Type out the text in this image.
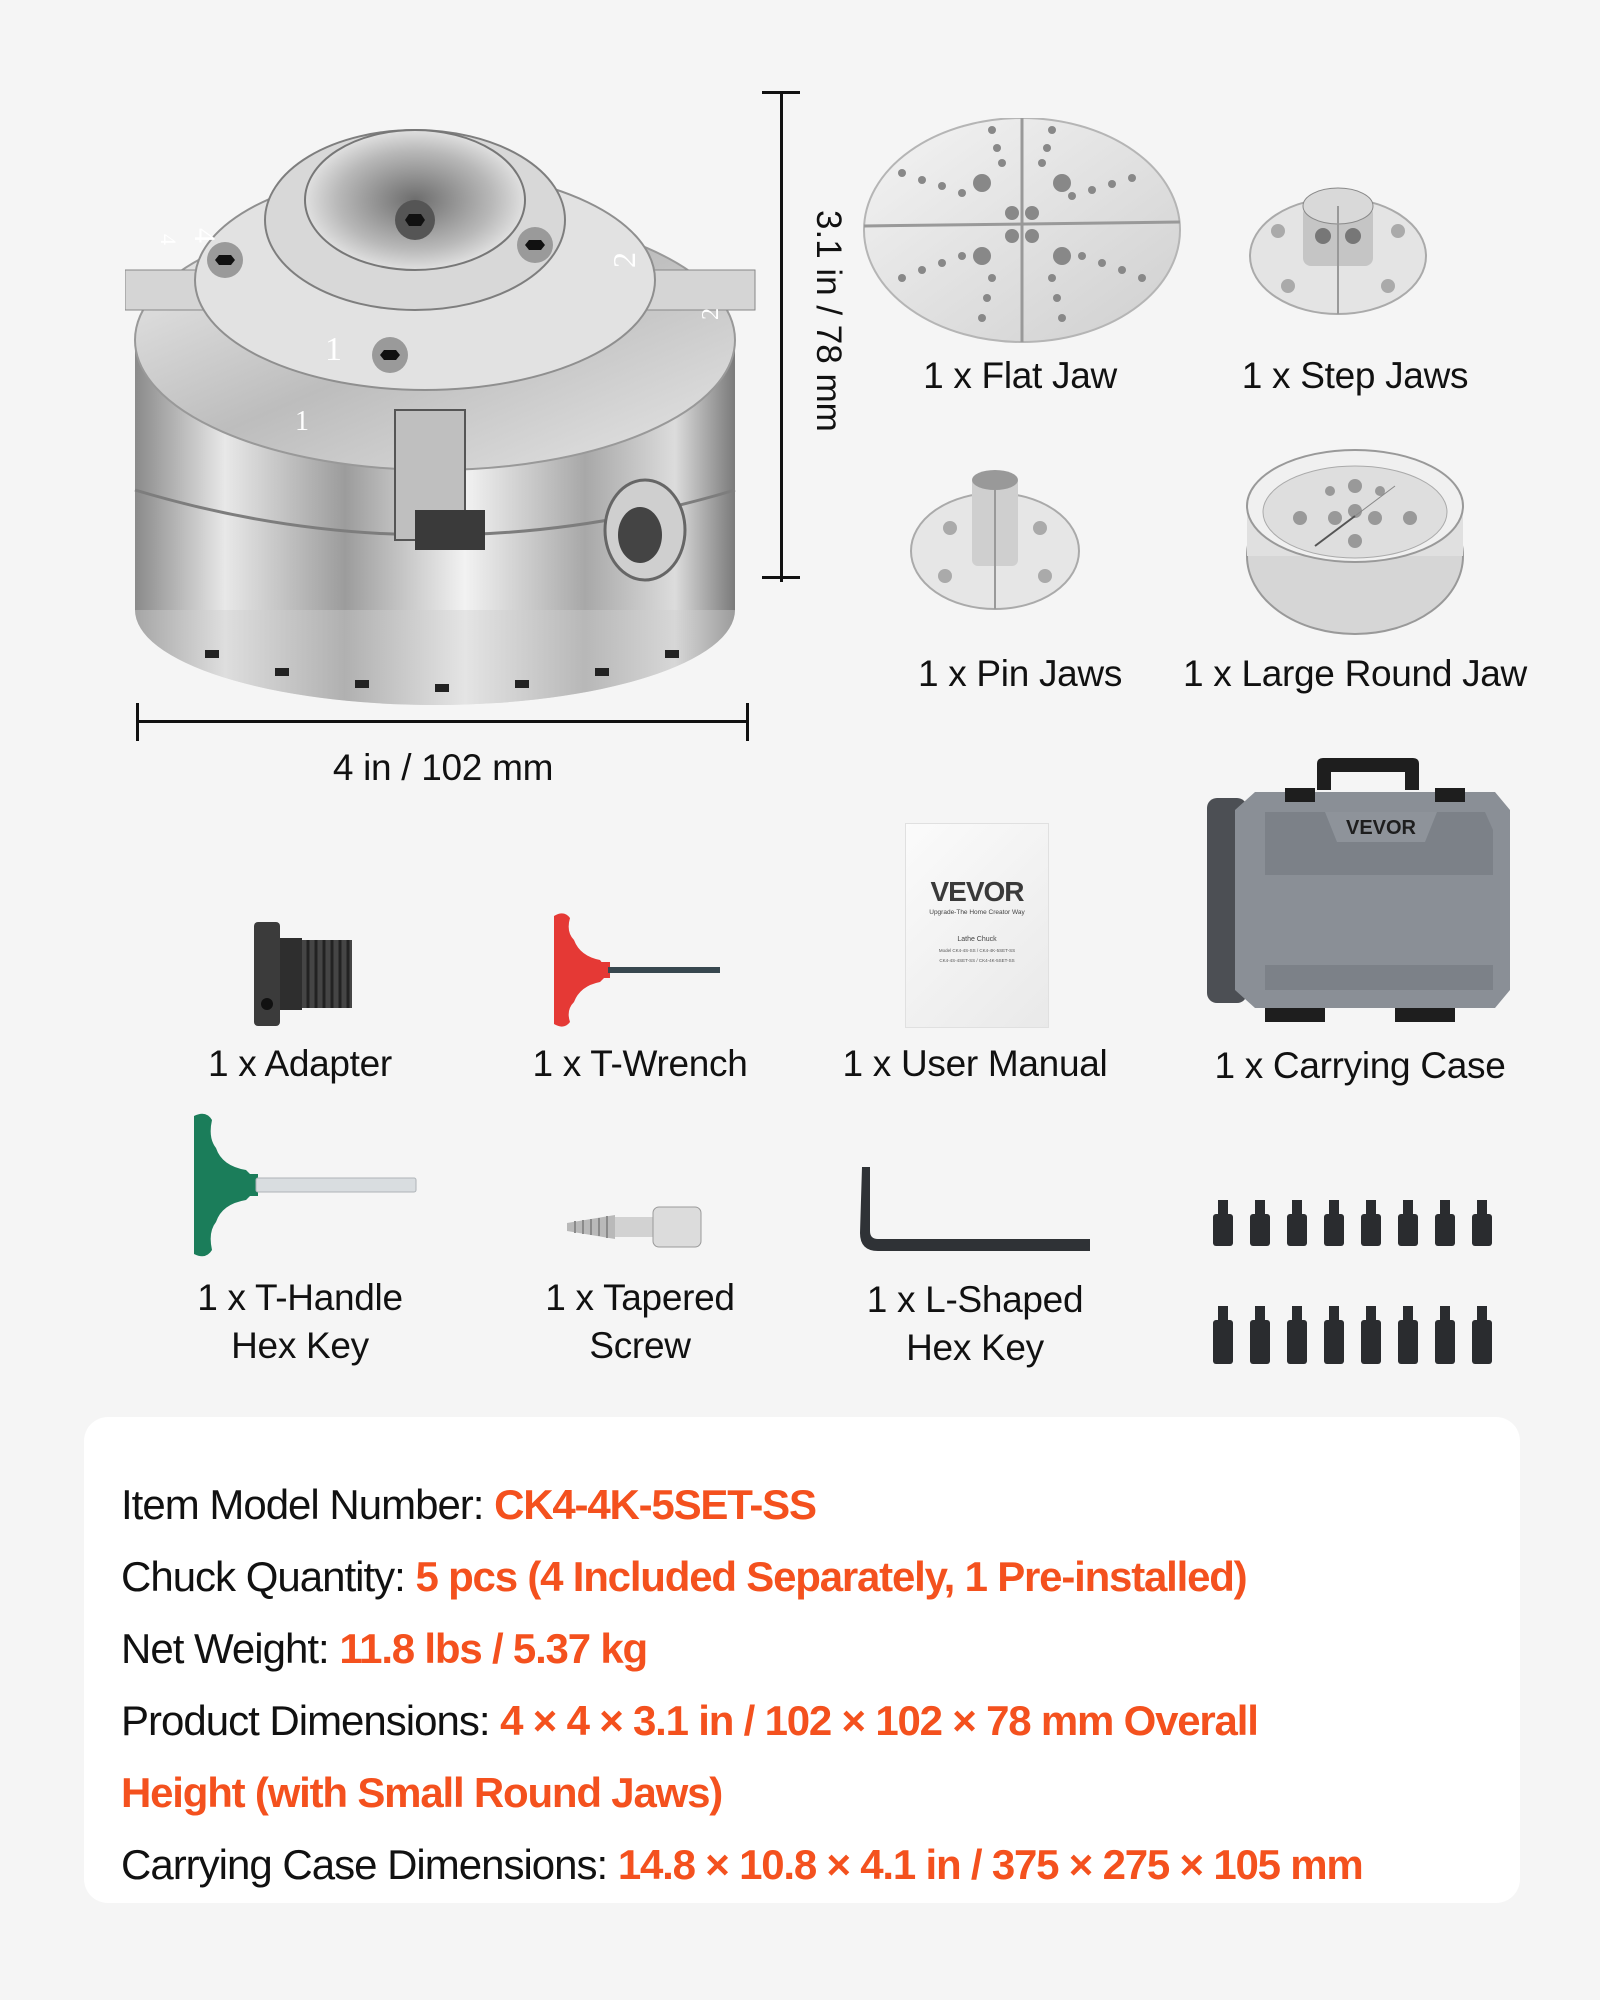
4
4
1
1
2
2 3.1 in / 78 mm
4 in / 102 mm
1 x Flat Jaw	1 x Step Jaws
1 x Pin Jaws	1 x Large Round Jaw
1 x Adapter	1 x T-Wrench
VEVOR
Upgrade-The Home Creator Way
Lathe Chuck
Model CK4-4S-SS / CK4-4K-5SET-SS
CK4-4S-4SET-SS / CK4-4K-5SET-SS
1 x User Manual
VEVOR
1 x Carrying Case
1 x T-Handle Hex Key
1 x Tapered Screw
1 x L-Shaped Hex Key
Item Model Number: CK4-4K-5SET-SS
Chuck Quantity: 5 pcs (4 Included Separately, 1 Pre-installed)
Net Weight: 11.8 lbs / 5.37 kg
Product Dimensions: 4 × 4 × 3.1 in / 102 × 102 × 78 mm Overall
Height (with Small Round Jaws)
Carrying Case Dimensions: 14.8 × 10.8 × 4.1 in / 375 × 275 × 105 mm
